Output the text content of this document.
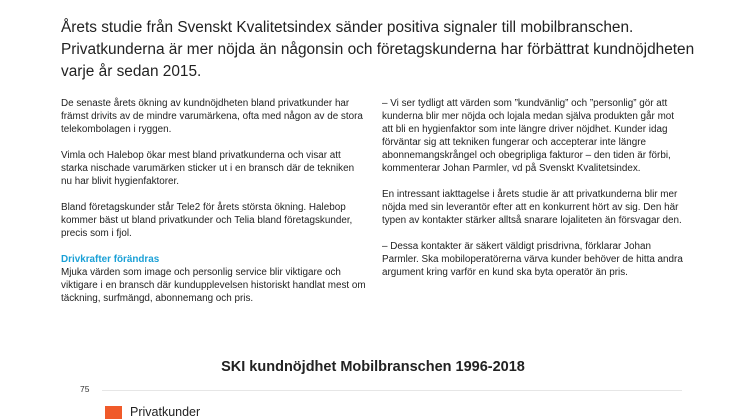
Årets studie från Svenskt Kvalitetsindex sänder positiva signaler till mobilbranschen. Privatkunderna är mer nöjda än någonsin och företagskunderna har förbättrat kundnöjdheten varje år sedan 2015.

De senaste årets ökning av kundnöjdheten bland privatkunder har främst drivits av de mindre varumärkena, ofta med någon av de stora telekombolagen i ryggen.

Vimla och Halebop ökar mest bland privatkunderna och visar att starka nischade varumärken sticker ut i en bransch där de tekniken nu har blivit hygienfaktorer.

Bland företagskunder står Tele2 för årets största ökning. Halebop kommer bäst ut bland privatkunder och Telia bland företagskunder, precis som i fjol.

Drivkrafter förändras

Mjuka värden som image och personlig service blir viktigare och viktigare i en bransch där kundupplevelsen historiskt handlat mest om täckning, surfmängd, abonnemang och pris.

– Vi ser tydligt att värden som ”kundvänlig” och ”personlig” gör att kunderna blir mer nöjda och lojala medan själva produkten går mot att bli en hygienfaktor som inte längre driver nöjdhet. Kunder idag förväntar sig att tekniken fungerar och accepterar inte längre abonnemangskrångel och obegripliga fakturor – den tiden är förbi, kommenterar Johan Parmler, vd på Svenskt Kvalitetsindex.

En intressant iakttagelse i årets studie är att privatkunderna blir mer nöjda med sin leverantör efter att en konkurrent hört av sig. Den här typen av kontakter stärker alltså snarare lojaliteten än försvagar den.

– Dessa kontakter är säkert väldigt prisdrivna, förklarar Johan Parmler. Ska mobiloperatörerna värva kunder behöver de hitta andra argument kring varför en kund ska byta operatör än pris.

SKI kundnöjdhet Mobilbranschen 1996-2018
75
Privatkunder
